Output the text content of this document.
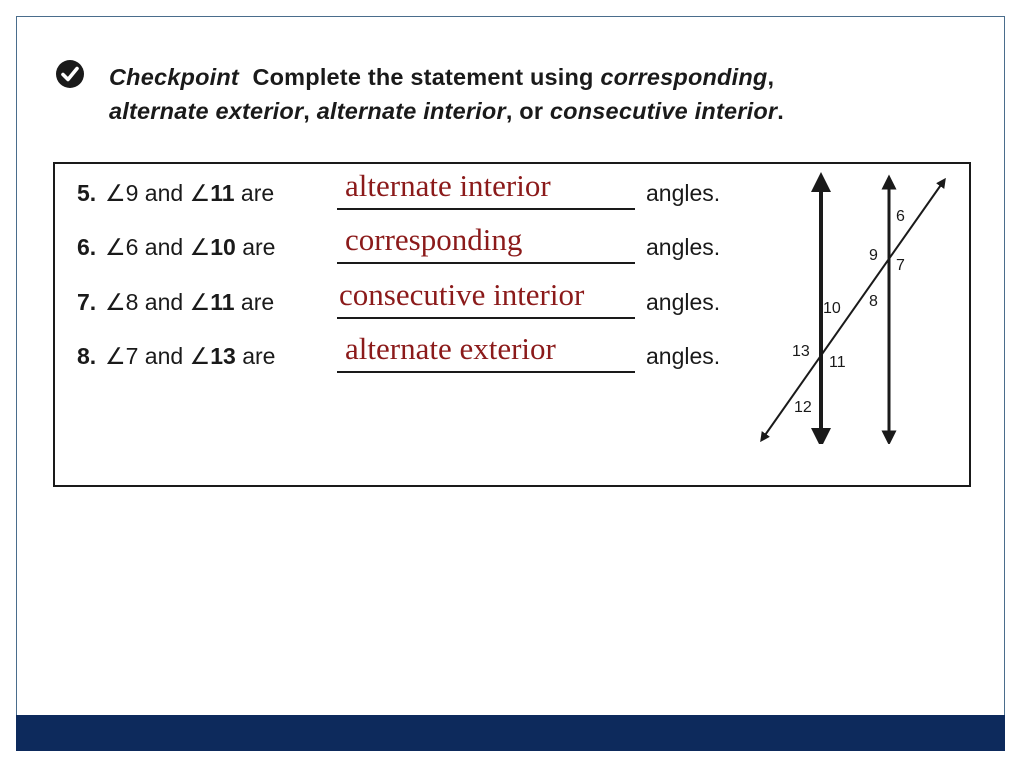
Checkpoint Complete the statement using corresponding,
alternate exterior, alternate interior, or consecutive interior.
5. ∠9 and ∠11 are alternate interior	angles.
6. ∠6 and ∠10 are corresponding	angles.
7. ∠8 and ∠11 are consecutive interior	angles.
8. ∠7 and ∠13 are alternate exterior	angles.
6
9
7
10 8
13
11
12
